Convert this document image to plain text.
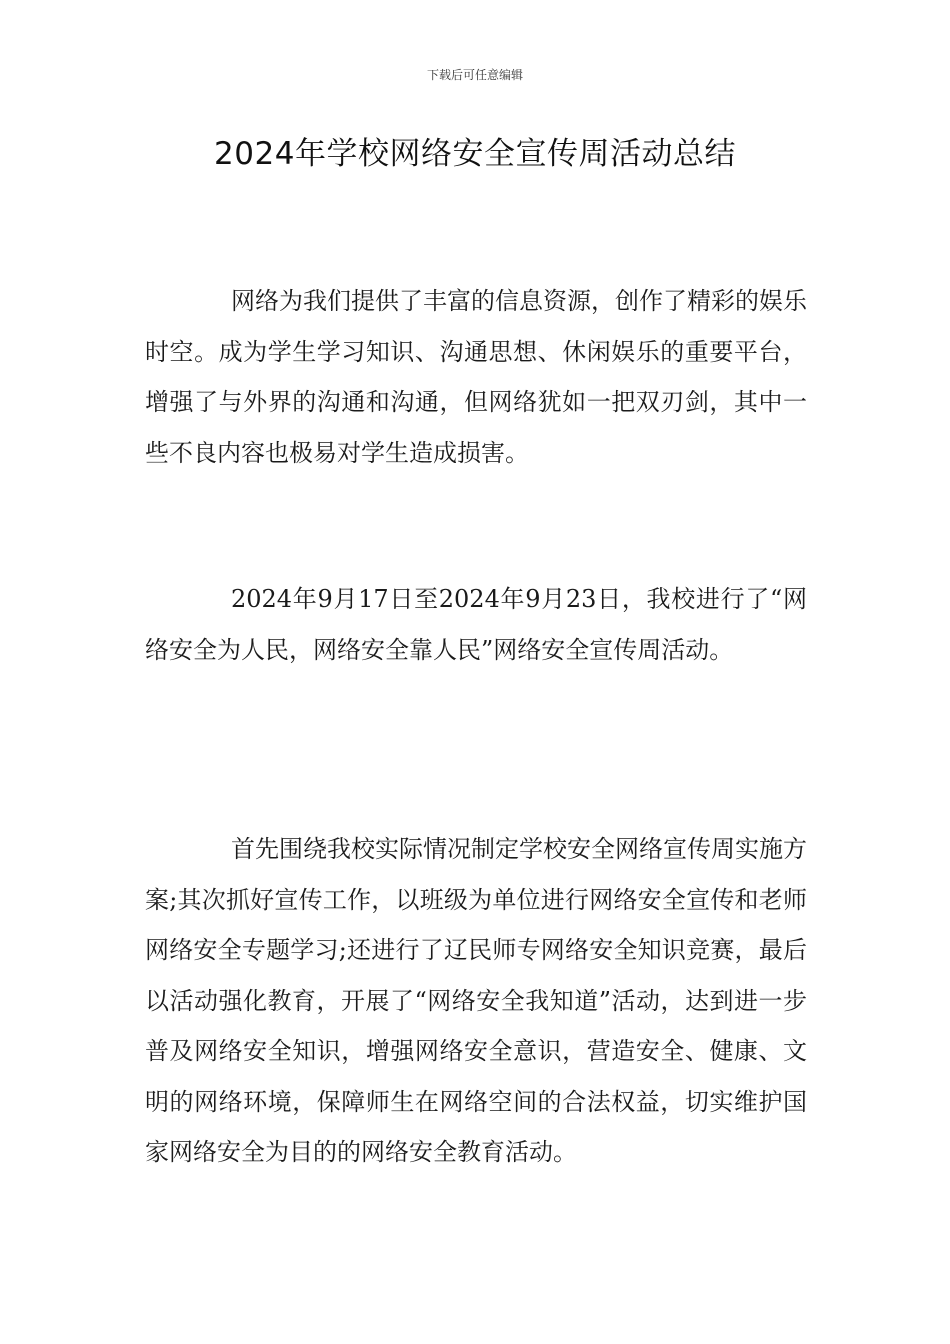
下载后可任意编辑
2024年学校网络安全宣传周活动总结

网络为我们提供了丰富的信息资源，创作了精彩的娱乐时空。成为学生学习知识、沟通思想、休闲娱乐的重要平台，增强了与外界的沟通和沟通，但网络犹如一把双刃剑，其中一些不良内容也极易对学生造成损害。

2024年9月17日至2024年9月23日，我校进行了“网络安全为人民，网络安全靠人民”网络安全宣传周活动。

首先围绕我校实际情况制定学校安全网络宣传周实施方案;其次抓好宣传工作，以班级为单位进行网络安全宣传和老师网络安全专题学习;还进行了辽民师专网络安全知识竞赛，最后以活动强化教育，开展了“网络安全我知道”活动，达到进一步普及网络安全知识，增强网络安全意识，营造安全、健康、文明的网络环境，保障师生在网络空间的合法权益，切实维护国家网络安全为目的的网络安全教育活动。
